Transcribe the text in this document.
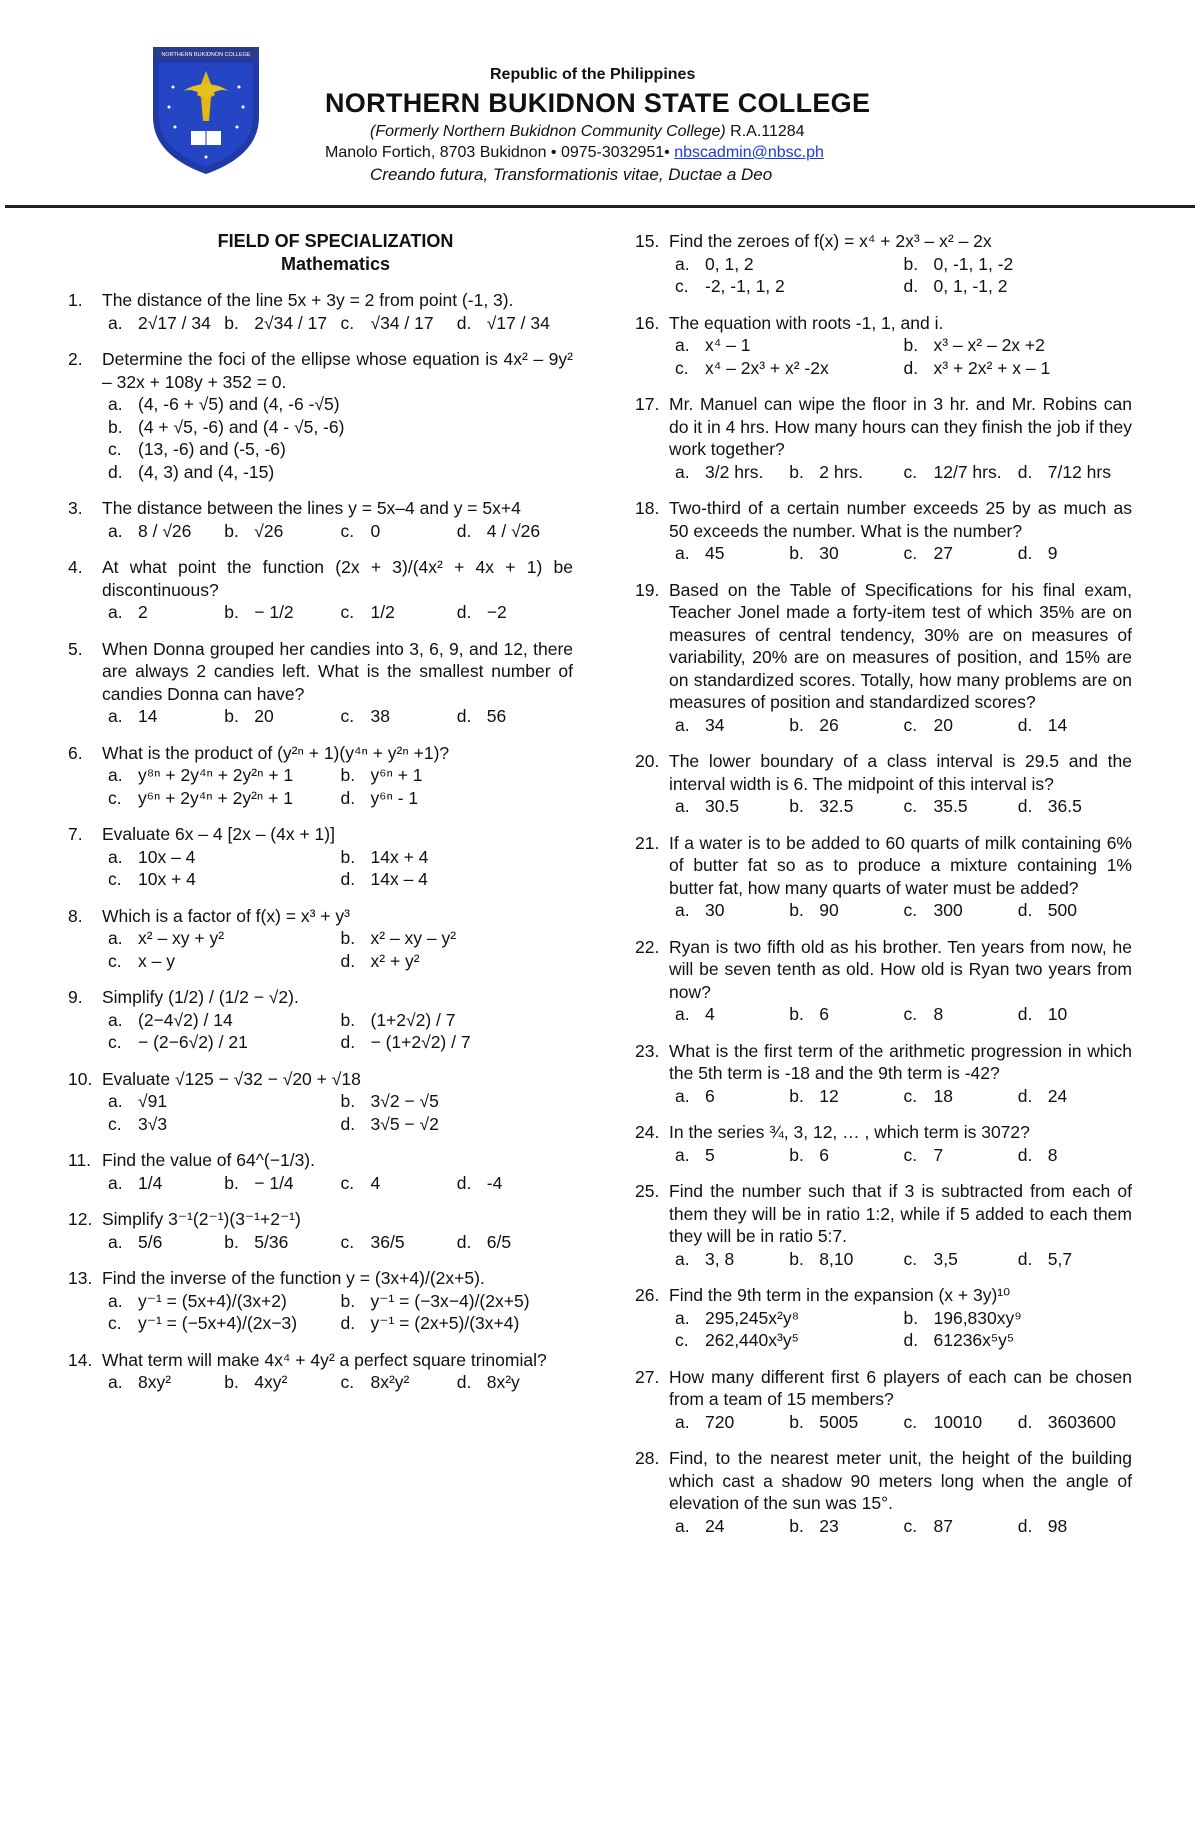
NORTHERN BUKIDNON COLLEGE
Republic of the Philippines
NORTHERN BUKIDNON STATE COLLEGE
(Formerly Northern Bukidnon Community College) R.A.11284
Manolo Fortich, 8703 Bukidnon • 0975-3032951• nbscadmin@nbsc.ph
Creando futura, Transformationis vitae, Ductae a Deo
FIELD OF SPECIALIZATION
Mathematics
1.	The distance of the line 5x + 3y = 2 from point (-1, 3).
a. 2√17 / 34 b. 2√34 / 17 c. √34 / 17 d. √17 / 34
2.	Determine the foci of the ellipse whose equation is 4x² – 9y² – 32x + 108y + 352 = 0.
a. (4, -6 + √5) and (4, -6 -√5)
b. (4 + √5, -6) and (4 - √5, -6)
c. (13, -6) and (-5, -6)
d. (4, 3) and (4, -15)
3.	The distance between the lines y = 5x–4 and y = 5x+4
a. 8 / √26 b. √26	c. 0	d. 4 / √26
4.	At what point the function (2x + 3)/(4x² + 4x + 1) be discontinuous?
a. 2	b. − 1/2	c. 1/2	d. −2
5.	When Donna grouped her candies into 3, 6, 9, and 12, there are always 2 candies left. What is the smallest number of candies Donna can have?
a. 14	b. 20	c. 38	d. 56
6.	What is the product of (y²ⁿ + 1)(y⁴ⁿ + y²ⁿ +1)?
a. y⁸ⁿ + 2y⁴ⁿ + 2y²ⁿ + 1	b. y⁶ⁿ + 1
c. y⁶ⁿ + 2y⁴ⁿ + 2y²ⁿ + 1	d. y⁶ⁿ - 1
7.	Evaluate 6x – 4 [2x – (4x + 1)]
a. 10x – 4	b. 14x + 4
c. 10x + 4	d. 14x – 4
8.	Which is a factor of f(x) = x³ + y³
a. x² – xy + y²	b. x² – xy – y²
c. x – y	d. x² + y²
9.	Simplify (1/2) / (1/2 − √2).
a. (2−4√2) / 14	b. (1+2√2) / 7
c. − (2−6√2) / 21	d. − (1+2√2) / 7
10. Evaluate √125 − √32 − √20 + √18
a. √91	b. 3√2 − √5
c. 3√3	d. 3√5 − √2
11. Find the value of 64^(−1/3).
a. 1/4	b. − 1/4	c. 4	d. -4
12. Simplify 3⁻¹(2⁻¹)(3⁻¹+2⁻¹)
a. 5/6	b. 5/36	c. 36/5	d. 6/5
13. Find the inverse of the function y = (3x+4)/(2x+5).
a. y⁻¹ = (5x+4)/(3x+2)	b. y⁻¹ = (−3x−4)/(2x+5)
c. y⁻¹ = (−5x+4)/(2x−3) d. y⁻¹ = (2x+5)/(3x+4)
14. What term will make 4x⁴ + 4y² a perfect square trinomial?
a. 8xy²	b. 4xy²	c. 8x²y²	d. 8x²y
15. Find the zeroes of f(x) = x⁴ + 2x³ – x² – 2x
a. 0, 1, 2	b. 0, -1, 1, -2
c. -2, -1, 1, 2	d. 0, 1, -1, 2
16. The equation with roots -1, 1, and i.
a. x⁴ – 1	b. x³ – x² – 2x +2
c. x⁴ – 2x³ + x² -2x	d. x³ + 2x² + x – 1
17. Mr. Manuel can wipe the floor in 3 hr. and Mr. Robins can do it in 4 hrs. How many hours can they finish the job if they work together?
a. 3/2 hrs. b. 2 hrs. c. 12/7 hrs. d. 7/12 hrs
18. Two-third of a certain number exceeds 25 by as much as 50 exceeds the number. What is the number?
a. 45	b. 30	c. 27	d. 9
19. Based on the Table of Specifications for his final exam, Teacher Jonel made a forty-item test of which 35% are on measures of central tendency, 30% are on measures of variability, 20% are on measures of position, and 15% are on standardized scores. Totally, how many problems are on measures of position and standardized scores?
a. 34	b. 26	c. 20	d. 14
20. The lower boundary of a class interval is 29.5 and the interval width is 6. The midpoint of this interval is?
a. 30.5	b. 32.5	c. 35.5	d. 36.5
21. If a water is to be added to 60 quarts of milk containing 6% of butter fat so as to produce a mixture containing 1% butter fat, how many quarts of water must be added?
a. 30	b. 90	c. 300	d. 500
22. Ryan is two fifth old as his brother. Ten years from now, he will be seven tenth as old. How old is Ryan two years from now?
a. 4	b. 6	c. 8	d. 10
23. What is the first term of the arithmetic progression in which the 5th term is -18 and the 9th term is -42?
a. 6	b. 12	c. 18	d. 24
24. In the series ¾, 3, 12, … , which term is 3072?
a. 5	b. 6	c. 7	d. 8
25. Find the number such that if 3 is subtracted from each of them they will be in ratio 1:2, while if 5 added to each them they will be in ratio 5:7.
a. 3, 8	b. 8,10	c. 3,5	d. 5,7
26. Find the 9th term in the expansion (x + 3y)¹⁰
a. 295,245x²y⁸	b. 196,830xy⁹
c. 262,440x³y⁵	d. 61236x⁵y⁵
27. How many different first 6 players of each can be chosen from a team of 15 members?
a. 720	b. 5005	c. 10010 d. 3603600
28. Find, to the nearest meter unit, the height of the building which cast a shadow 90 meters long when the angle of elevation of the sun was 15°.
a. 24	b. 23	c. 87	d. 98
